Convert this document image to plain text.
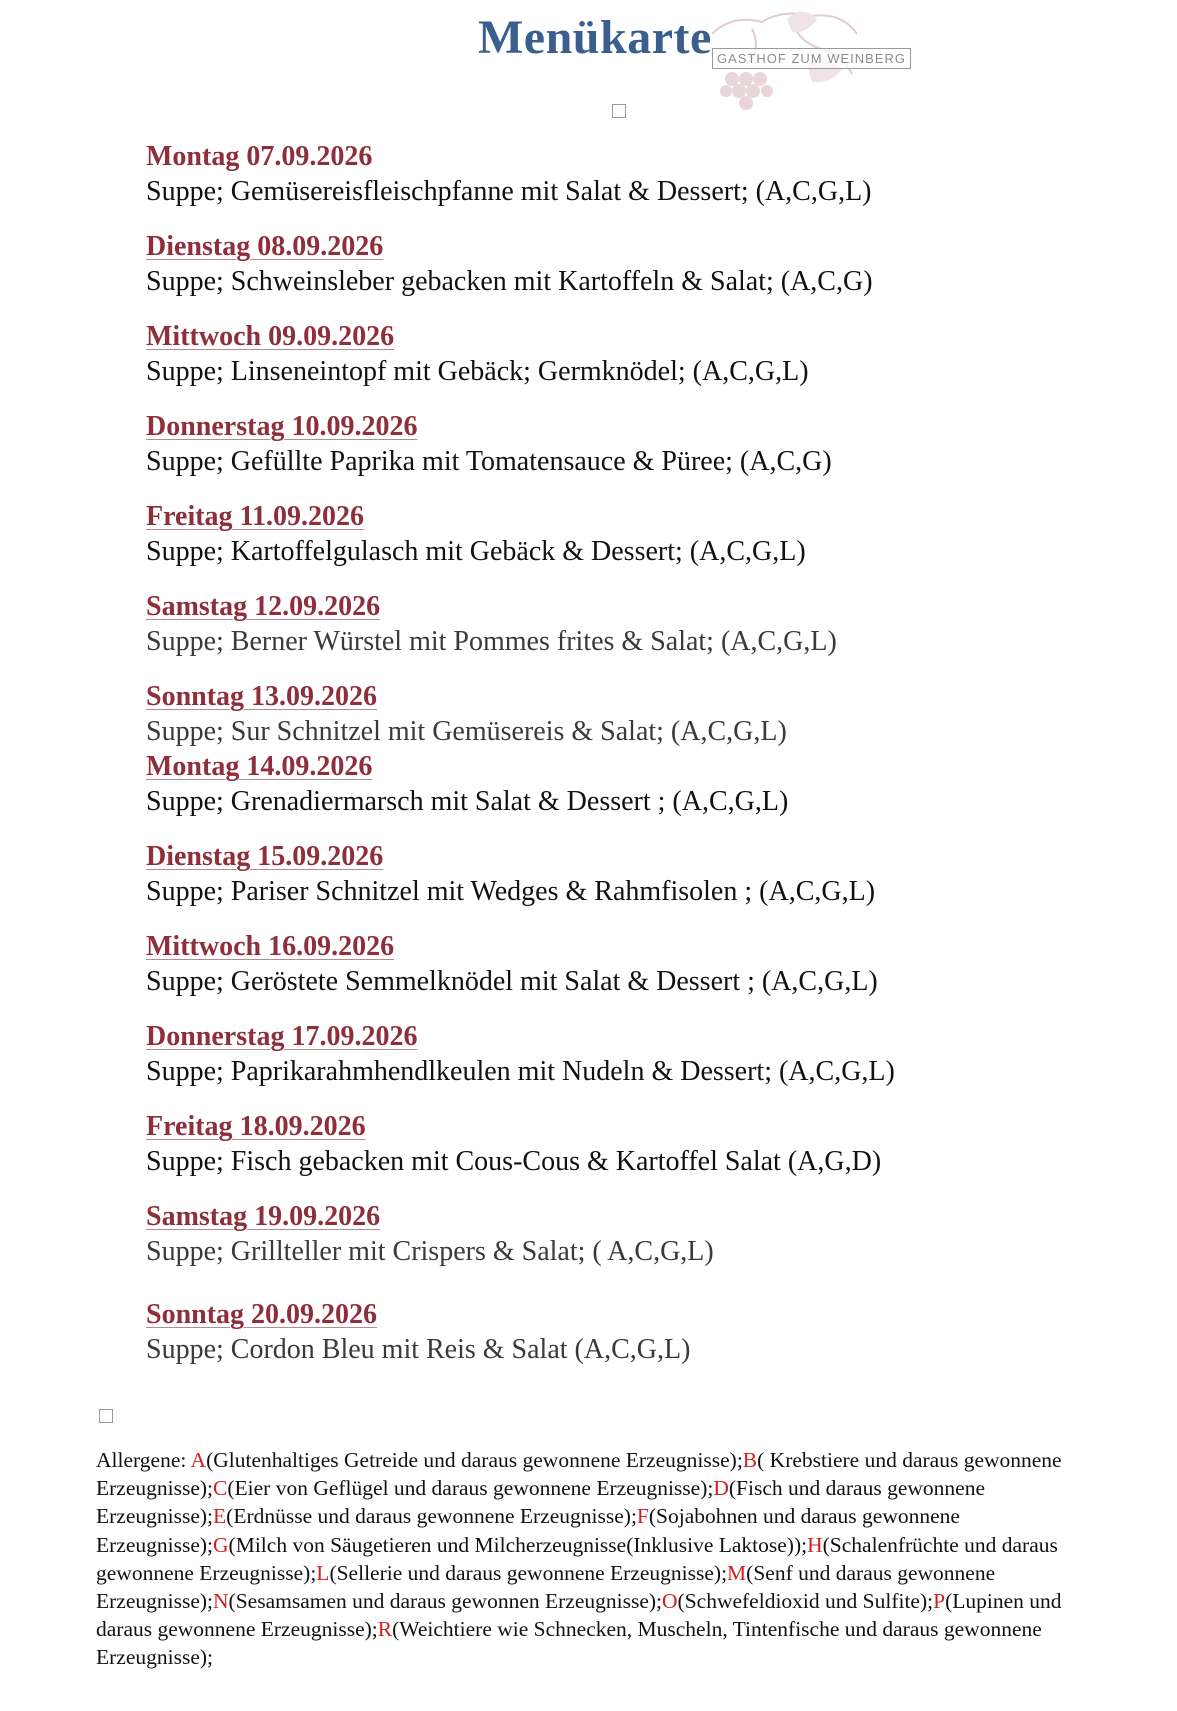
Menükarte GASTHOF ZUM WEINBERG
Montag 07.09.2026
Suppe; Gemüsereisfleischpfanne mit Salat & Dessert; (A,C,G,L)
Dienstag 08.09.2026
Suppe; Schweinsleber gebacken mit Kartoffeln & Salat; (A,C,G)
Mittwoch 09.09.2026
Suppe; Linseneintopf mit Gebäck; Germknödel; (A,C,G,L)
Donnerstag 10.09.2026
Suppe; Gefüllte Paprika mit Tomatensauce & Püree; (A,C,G)
Freitag 11.09.2026
Suppe; Kartoffelgulasch mit Gebäck & Dessert; (A,C,G,L)
Samstag 12.09.2026
Suppe; Berner Würstel mit Pommes frites & Salat; (A,C,G,L)
Sonntag 13.09.2026
Suppe; Sur Schnitzel mit Gemüsereis & Salat; (A,C,G,L)
Montag 14.09.2026
Suppe; Grenadiermarsch mit Salat & Dessert ; (A,C,G,L)
Dienstag 15.09.2026
Suppe; Pariser Schnitzel mit Wedges & Rahmfisolen ; (A,C,G,L)
Mittwoch 16.09.2026
Suppe; Geröstete Semmelknödel mit Salat & Dessert ; (A,C,G,L)
Donnerstag 17.09.2026
Suppe; Paprikarahmhendlkeulen mit Nudeln & Dessert; (A,C,G,L)
Freitag 18.09.2026
Suppe; Fisch gebacken mit Cous-Cous & Kartoffel Salat (A,G,D)
Samstag 19.09.2026
Suppe; Grillteller mit Crispers & Salat; ( A,C,G,L)
Sonntag 20.09.2026
Suppe; Cordon Bleu mit Reis & Salat (A,C,G,L)
Allergene: A(Glutenhaltiges Getreide und daraus gewonnene Erzeugnisse);B( Krebstiere und daraus gewonnene Erzeugnisse);C(Eier von Geflügel und daraus gewonnene Erzeugnisse);D(Fisch und daraus gewonnene Erzeugnisse);E(Erdnüsse und daraus gewonnene Erzeugnisse);F(Sojabohnen und daraus gewonnene Erzeugnisse);G(Milch von Säugetieren und Milcherzeugnisse(Inklusive Laktose));H(Schalenfrüchte und daraus gewonnene Erzeugnisse);L(Sellerie und daraus gewonnene Erzeugnisse);M(Senf und daraus gewonnene Erzeugnisse);N(Sesamsamen und daraus gewonnen Erzeugnisse);O(Schwefeldioxid und Sulfite);P(Lupinen und daraus gewonnene Erzeugnisse);R(Weichtiere wie Schnecken, Muscheln, Tintenfische und daraus gewonnene Erzeugnisse);
